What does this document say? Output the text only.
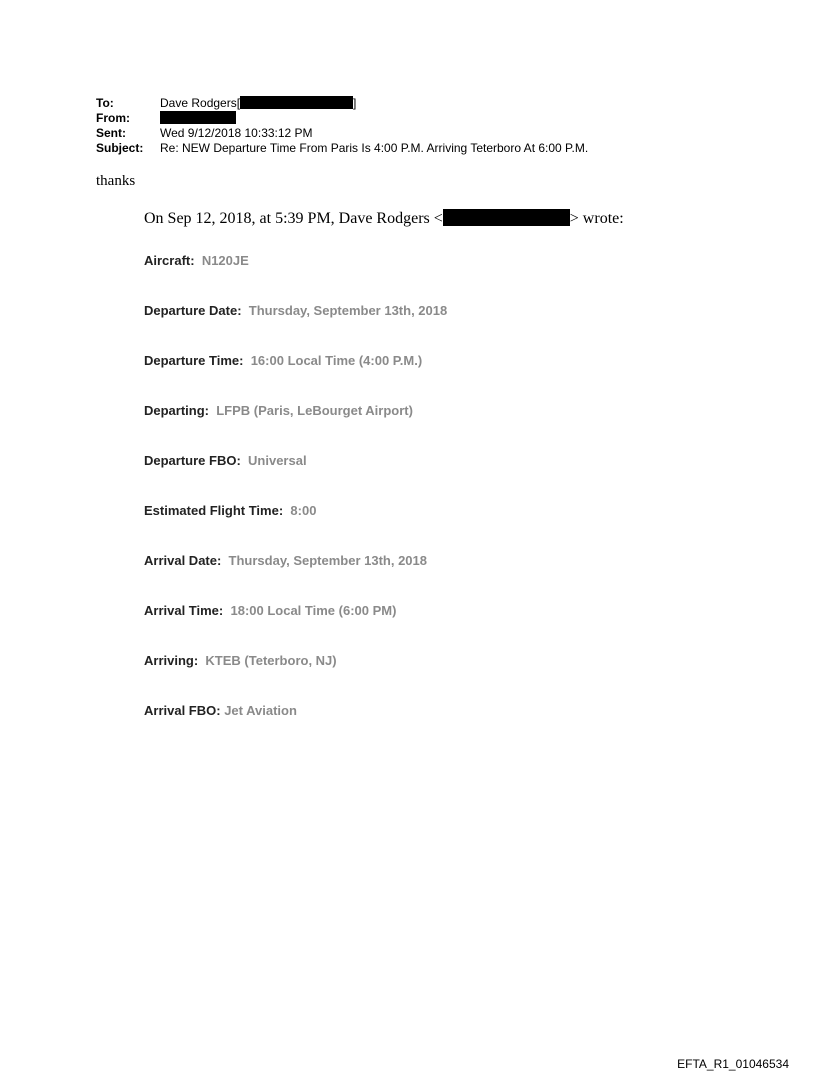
To:	Dave Rodgers[	]
From:
Sent:	Wed 9/12/2018 10:33:12 PM
Subject:	Re: NEW Departure Time From Paris Is 4:00 P.M. Arriving Teterboro At 6:00 P.M.
thanks
On Sep 12, 2018, at 5:39 PM, Dave Rodgers <	> wrote:
Aircraft: N120JE
Departure Date: Thursday, September 13th, 2018
Departure Time: 16:00 Local Time (4:00 P.M.)
Departing: LFPB (Paris, LeBourget Airport)
Departure FBO: Universal
Estimated Flight Time: 8:00
Arrival Date: Thursday, September 13th, 2018
Arrival Time: 18:00 Local Time (6:00 PM)
Arriving: KTEB (Teterboro, NJ)
Arrival FBO: Jet Aviation
EFTA_R1_01046534
